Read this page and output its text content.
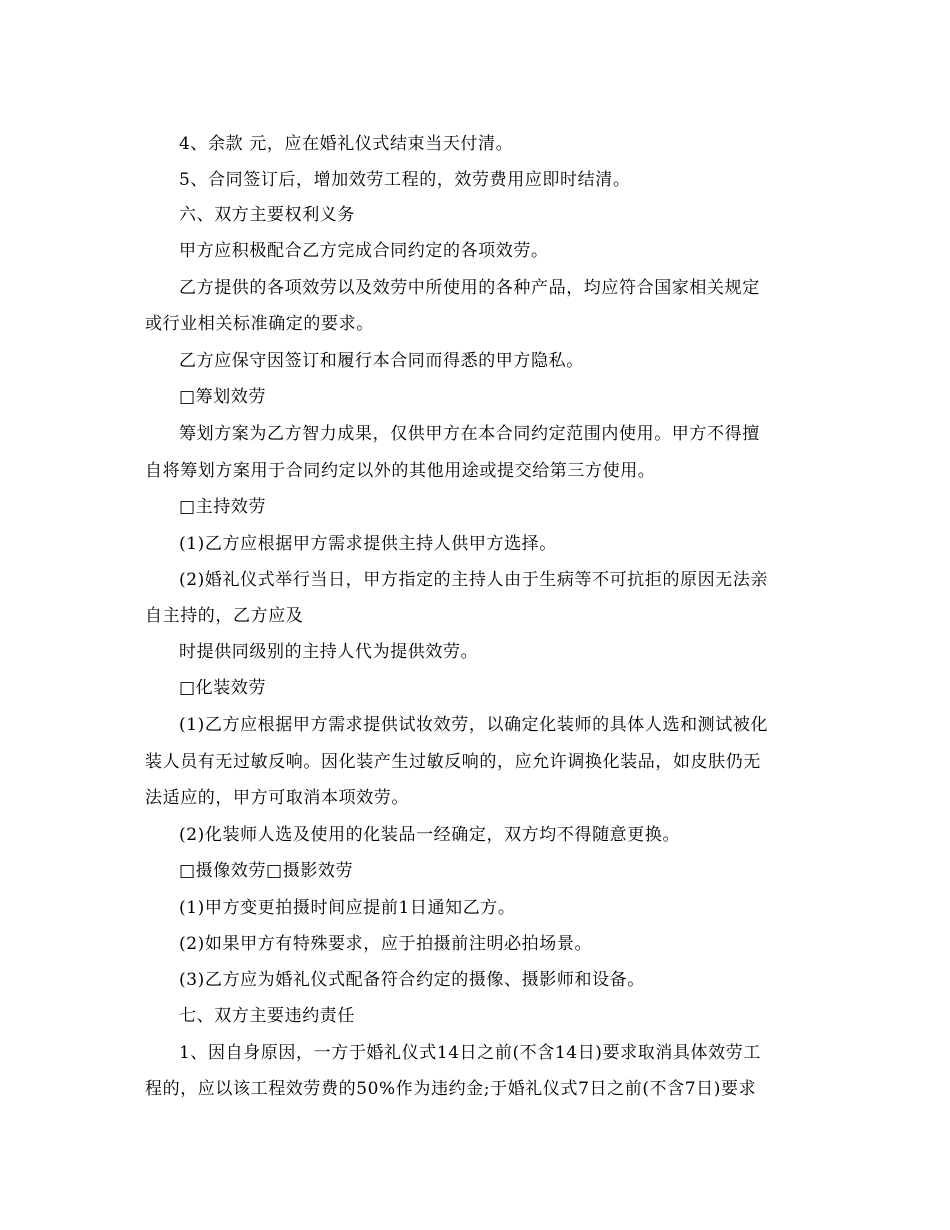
4、余款 元，应在婚礼仪式结束当天付清。
5、合同签订后，增加效劳工程的，效劳费用应即时结清。
六、双方主要权利义务
甲方应积极配合乙方完成合同约定的各项效劳。
乙方提供的各项效劳以及效劳中所使用的各种产品，均应符合国家相关规定
或行业相关标准确定的要求。
乙方应保守因签订和履行本合同而得悉的甲方隐私。
□筹划效劳
筹划方案为乙方智力成果，仅供甲方在本合同约定范围内使用。甲方不得擅
自将筹划方案用于合同约定以外的其他用途或提交给第三方使用。
□主持效劳
(1)乙方应根据甲方需求提供主持人供甲方选择。
(2)婚礼仪式举行当日，甲方指定的主持人由于生病等不可抗拒的原因无法亲
自主持的，乙方应及
时提供同级别的主持人代为提供效劳。
□化装效劳
(1)乙方应根据甲方需求提供试妆效劳，以确定化装师的具体人选和测试被化
装人员有无过敏反响。因化装产生过敏反响的，应允许调换化装品，如皮肤仍无
法适应的，甲方可取消本项效劳。
(2)化装师人选及使用的化装品一经确定，双方均不得随意更换。
□摄像效劳□摄影效劳
(1)甲方变更拍摄时间应提前1日通知乙方。
(2)如果甲方有特殊要求，应于拍摄前注明必拍场景。
(3)乙方应为婚礼仪式配备符合约定的摄像、摄影师和设备。
七、双方主要违约责任
1、因自身原因，一方于婚礼仪式14日之前(不含14日)要求取消具体效劳工
程的，应以该工程效劳费的50%作为违约金;于婚礼仪式7日之前(不含7日)要求
